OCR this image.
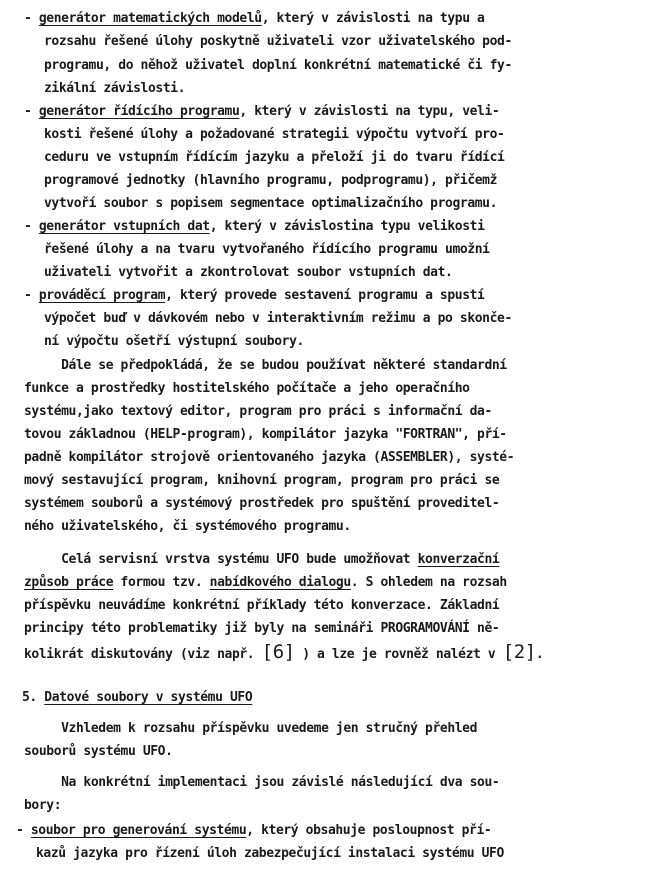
- generátor matematických modelů, který v závislosti na typu a
rozsahu řešené úlohy poskytně uživateli vzor uživatelského pod-
programu, do něhož uživatel doplní konkrétní matematické či fy-
zikální závislosti.
- generátor řídícího programu, který v závislosti na typu, veli-
kosti řešené úlohy a požadované strategii výpočtu vytvoří pro-
ceduru ve vstupním řídícím jazyku a přeloží ji do tvaru řídící
programové jednotky (hlavního programu, podprogramu), přičemž
vytvoří soubor s popisem segmentace optimalizačního programu.
- generátor vstupních dat, který v závislostina typu velikosti
řešené úlohy a na tvaru vytvořaného řídícího programu umožní
uživateli vytvořit a zkontrolovat soubor vstupních dat.
- prováděcí program, který provede sestavení programu a spustí
výpočet buď v dávkovém nebo v interaktivním režimu a po skonče-
ní výpočtu ošetří výstupní soubory.
Dále se předpokládá, že se budou používat některé standardní
funkce a prostředky hostitelského počítače a jeho operačního
systému,jako textový editor, program pro práci s informační da-
tovou základnou (HELP-program), kompilátor jazyka "FORTRAN", pří-
padně kompilátor strojově orientovaného jazyka (ASSEMBLER), systé-
mový sestavující program, knihovní program, program pro práci se
systémem souborů a systémový prostředek pro spuštění proveditel-
ného uživatelského, či systémového programu.
Celá servisní vrstva systému UFO bude umožňovat konverzační
způsob práce formou tzv. nabídkového dialogu. S ohledem na rozsah
příspěvku neuvádíme konkrétní příklady této konverzace. Základní
principy této problematiky již byly na semináři PROGRAMOVÁNÍ ně-
kolikrát diskutovány (viz např. [6] ) a lze je rovněž nalézt v [2].
5. Datové soubory v systému UFO
Vzhledem k rozsahu příspěvku uvedeme jen stručný přehled
souborů systému UFO.
Na konkrétní implementaci jsou závislé následující dva sou-
bory:
- soubor pro generování systému, který obsahuje posloupnost pří-
kazů jazyka pro řízení úloh zabezpečující instalaci systému UFO
